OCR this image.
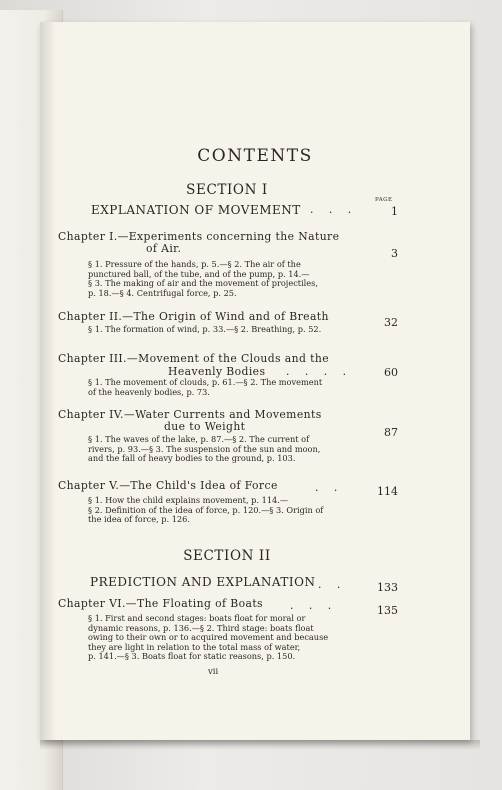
CONTENTS
SECTION I
PAGE
EXPLANATION OF MOVEMENT . . .	1
Chapter I.—Experiments concerning the Nature
of Air.	3
§ 1. Pressure of the hands, p. 5.—§ 2. The air of the
punctured ball, of the tube, and of the pump, p. 14.—
§ 3. The making of air and the movement of projectiles,
p. 18.—§ 4. Centrifugal force, p. 25.
Chapter II.—The Origin of Wind and of Breath	32
§ 1. The formation of wind, p. 33.—§ 2. Breathing, p. 52.
Chapter III.—Movement of the Clouds and the
Heavenly Bodies . . . .	60
§ 1. The movement of clouds, p. 61.—§ 2. The movement
of the heavenly bodies, p. 73.
Chapter IV.—Water Currents and Movements
due to Weight	87
§ 1. The waves of the lake, p. 87.—§ 2. The current of
rivers, p. 93.—§ 3. The suspension of the sun and moon,
and the fall of heavy bodies to the ground, p. 103.
Chapter V.—The Child's Idea of Force	. .	114
§ 1. How the child explains movement, p. 114.—
§ 2. Definition of the idea of force, p. 120.—§ 3. Origin of
the idea of force, p. 126.
SECTION II
PREDICTION AND EXPLANATION . .	133
Chapter VI.—The Floating of Boats . . .	135
§ 1. First and second stages: boats float for moral or
dynamic reasons, p. 136.—§ 2. Third stage: boats float
owing to their own or to acquired movement and because
they are light in relation to the total mass of water,
p. 141.—§ 3. Boats float for static reasons, p. 150.
vii
